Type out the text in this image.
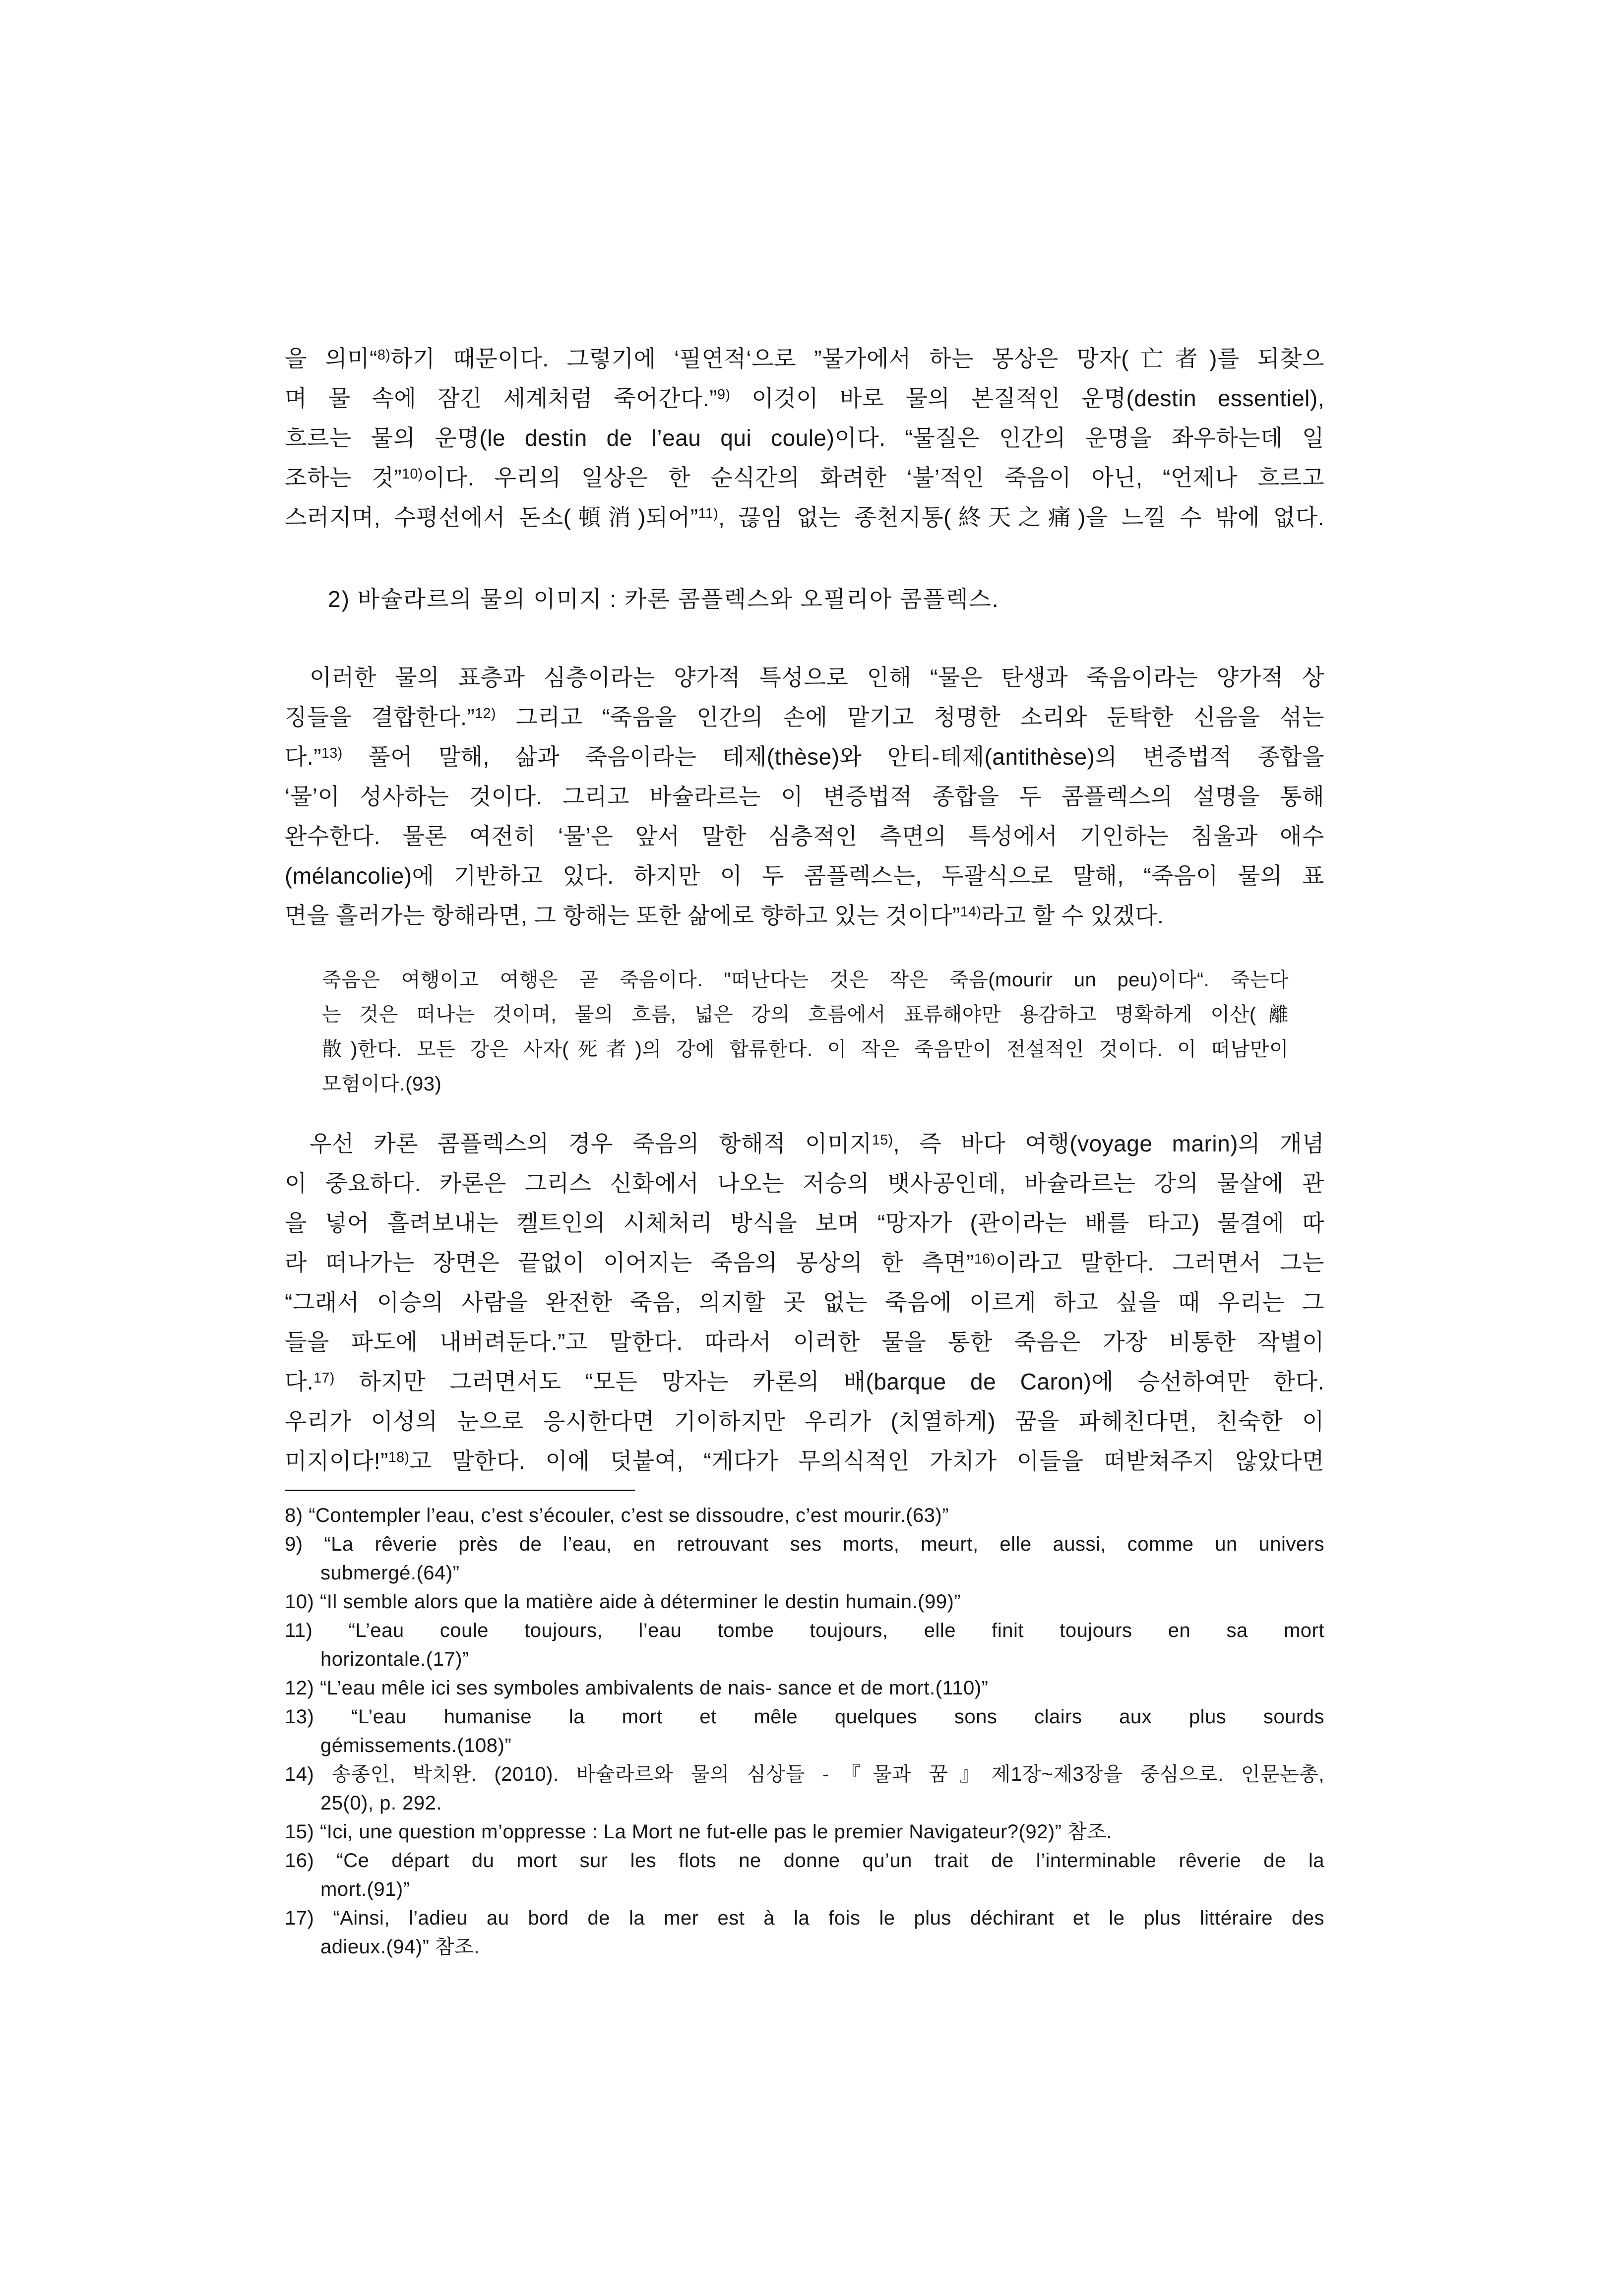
을 의미“$^{8)}$하기 때문이다. 그렇기에 ‘필연적‘으로 ”물가에서 하는 몽상은 망자(亡者)를 되찾으
며 물 속에 잠긴 세계처럼 죽어간다.”$^{9)}$ 이것이 바로 물의 본질적인 운명(destin essentiel),
흐르는 물의 운명(le destin de l’eau qui coule)이다. “물질은 인간의 운명을 좌우하는데 일
조하는 것”$^{10)}$이다. 우리의 일상은 한 순식간의 화려한 ‘불’적인 죽음이 아닌, “언제나 흐르고
스러지며, 수평선에서 돈소(頓消)되어”$^{11)}$, 끊임 없는 종천지통(終天之痛)을 느낄 수 밖에 없다.
2) 바슐라르의 물의 이미지 : 카론 콤플렉스와 오필리아 콤플렉스.
이러한 물의 표층과 심층이라는 양가적 특성으로 인해 “물은 탄생과 죽음이라는 양가적 상
징들을 결합한다.”$^{12)}$ 그리고 “죽음을 인간의 손에 맡기고 청명한 소리와 둔탁한 신음을 섞는
다.”$^{13)}$ 풀어 말해, 삶과 죽음이라는 테제(thèse)와 안티-테제(antithèse)의 변증법적 종합을
‘물’이 성사하는 것이다. 그리고 바슐라르는 이 변증법적 종합을 두 콤플렉스의 설명을 통해
완수한다. 물론 여전히 ‘물’은 앞서 말한 심층적인 측면의 특성에서 기인하는 침울과 애수
(mélancolie)에 기반하고 있다. 하지만 이 두 콤플렉스는, 두괄식으로 말해, “죽음이 물의 표
면을 흘러가는 항해라면, 그 항해는 또한 삶에로 향하고 있는 것이다”$^{14)}$라고 할 수 있겠다.
죽음은 여행이고 여행은 곧 죽음이다. "떠난다는 것은 작은 죽음(mourir un peu)이다“. 죽는다
는 것은 떠나는 것이며, 물의 흐름, 넓은 강의 흐름에서 표류해야만 용감하고 명확하게 이산(離
散)한다. 모든 강은 사자(死者)의 강에 합류한다. 이 작은 죽음만이 전설적인 것이다. 이 떠남만이
모험이다.(93)
우선 카론 콤플렉스의 경우 죽음의 항해적 이미지$^{15)}$, 즉 바다 여행(voyage marin)의 개념
이 중요하다. 카론은 그리스 신화에서 나오는 저승의 뱃사공인데, 바슐라르는 강의 물살에 관
을 넣어 흘려보내는 켈트인의 시체처리 방식을 보며 “망자가 (관이라는 배를 타고) 물결에 따
라 떠나가는 장면은 끝없이 이어지는 죽음의 몽상의 한 측면”$^{16)}$이라고 말한다. 그러면서 그는
“그래서 이승의 사람을 완전한 죽음, 의지할 곳 없는 죽음에 이르게 하고 싶을 때 우리는 그
들을 파도에 내버려둔다.”고 말한다. 따라서 이러한 물을 통한 죽음은 가장 비통한 작별이
다.$^{17)}$ 하지만 그러면서도 “모든 망자는 카론의 배(barque de Caron)에 승선하여만 한다.
우리가 이성의 눈으로 응시한다면 기이하지만 우리가 (치열하게) 꿈을 파헤친다면, 친숙한 이
미지이다!”$^{18)}$고 말한다. 이에 덧붙여, “게다가 무의식적인 가치가 이들을 떠받쳐주지 않았다면
8) “Contempler l’eau, c’est s’écouler, c’est se dissoudre, c’est mourir.(63)”
9) “La rêverie près de l’eau, en retrouvant ses morts, meurt, elle aussi, comme un univers
submergé.(64)”
10) “Il semble alors que la matière aide à déterminer le destin humain.(99)”
11) “L’eau coule toujours, l’eau tombe toujours, elle finit toujours en sa mort
horizontale.(17)”
12) “L’eau mêle ici ses symboles ambivalents de nais- sance et de mort.(110)”
13) “L’eau humanise la mort et mêle quelques sons clairs aux plus sourds
gémissements.(108)”
14) 송종인, 박치완. (2010). 바슐라르와 물의 심상들 -『물과 꿈』제1장~제3장을 중심으로. 인문논총,
25(0), p. 292.
15) “Ici, une question m’oppresse : La Mort ne fut-elle pas le premier Navigateur?(92)” 참조.
16) “Ce départ du mort sur les flots ne donne qu’un trait de l’interminable rêverie de la
mort.(91)”
17) “Ainsi, l’adieu au bord de la mer est à la fois le plus déchirant et le plus littéraire des
adieux.(94)” 참조.
